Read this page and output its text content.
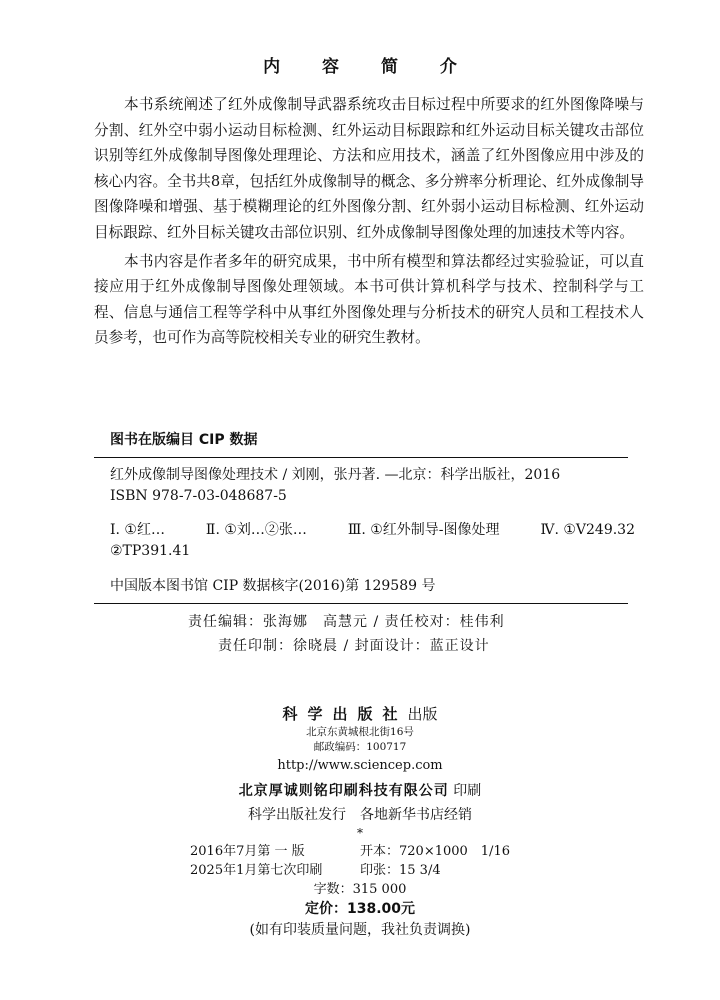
内 容 简 介

本书系统阐述了红外成像制导武器系统攻击目标过程中所要求的红外图像降噪与分割、红外空中弱小运动目标检测、红外运动目标跟踪和红外运动目标关键攻击部位识别等红外成像制导图像处理理论、方法和应用技术，涵盖了红外图像应用中涉及的核心内容。全书共8章，包括红外成像制导的概念、多分辨率分析理论、红外成像制导图像降噪和增强、基于模糊理论的红外图像分割、红外弱小运动目标检测、红外运动目标跟踪、红外目标关键攻击部位识别、红外成像制导图像处理的加速技术等内容。

本书内容是作者多年的研究成果，书中所有模型和算法都经过实验验证，可以直接应用于红外成像制导图像处理领域。本书可供计算机科学与技术、控制科学与工程、信息与通信工程等学科中从事红外图像处理与分析技术的研究人员和工程技术人员参考，也可作为高等院校相关专业的研究生教材。

图书在版编目 CIP 数据
红外成像制导图像处理技术 / 刘刚，张丹著. —北京：科学出版社，2016
ISBN 978-7-03-048687-5
Ⅰ. ①红…	Ⅱ. ①刘…②张…	Ⅲ. ①红外制导-图像处理	Ⅳ. ①V249.32
②TP391.41
中国版本图书馆 CIP 数据核字(2016)第 129589 号
责任编辑：张海娜　高慧元 / 责任校对：桂伟利
责任印制：徐晓晨 / 封面设计：蓝正设计
科学出版社出版
北京东黄城根北街16号
邮政编码：100717
http://www.sciencep.com
北京厚诚则铭印刷科技有限公司 印刷
科学出版社发行　各地新华书店经销
*
2016年7月第 一 版	开本：720×1000　1/16
2025年1月第七次印刷	印张：15 3/4
字数：315 000
定价：138.00元
(如有印装质量问题，我社负责调换)
